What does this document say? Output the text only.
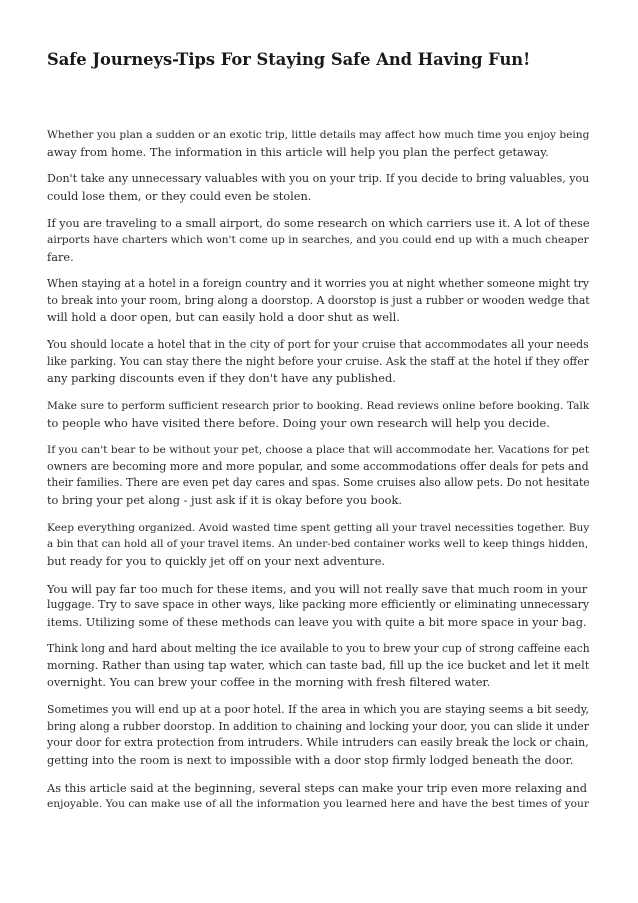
Safe Journeys-Tips For Staying Safe And Having Fun!

Whether you plan a sudden or an exotic trip, little details may affect how much time you enjoy being
away from home. The information in this article will help you plan the perfect getaway.

Don't take any unnecessary valuables with you on your trip. If you decide to bring valuables, you
could lose them, or they could even be stolen.

If you are traveling to a small airport, do some research on which carriers use it. A lot of these
airports have charters which won't come up in searches, and you could end up with a much cheaper
fare.

When staying at a hotel in a foreign country and it worries you at night whether someone might try
to break into your room, bring along a doorstop. A doorstop is just a rubber or wooden wedge that
will hold a door open, but can easily hold a door shut as well.

You should locate a hotel that in the city of port for your cruise that accommodates all your needs
like parking. You can stay there the night before your cruise. Ask the staff at the hotel if they offer
any parking discounts even if they don't have any published.

Make sure to perform sufficient research prior to booking. Read reviews online before booking. Talk
to people who have visited there before. Doing your own research will help you decide.

If you can't bear to be without your pet, choose a place that will accommodate her. Vacations for pet
owners are becoming more and more popular, and some accommodations offer deals for pets and
their families. There are even pet day cares and spas. Some cruises also allow pets. Do not hesitate
to bring your pet along - just ask if it is okay before you book.

Keep everything organized. Avoid wasted time spent getting all your travel necessities together. Buy
a bin that can hold all of your travel items. An under-bed container works well to keep things hidden,
but ready for you to quickly jet off on your next adventure.

You will pay far too much for these items, and you will not really save that much room in your
luggage. Try to save space in other ways, like packing more efficiently or eliminating unnecessary
items. Utilizing some of these methods can leave you with quite a bit more space in your bag.

Think long and hard about melting the ice available to you to brew your cup of strong caffeine each
morning. Rather than using tap water, which can taste bad, fill up the ice bucket and let it melt
overnight. You can brew your coffee in the morning with fresh filtered water.

Sometimes you will end up at a poor hotel. If the area in which you are staying seems a bit seedy,
bring along a rubber doorstop. In addition to chaining and locking your door, you can slide it under
your door for extra protection from intruders. While intruders can easily break the lock or chain,
getting into the room is next to impossible with a door stop firmly lodged beneath the door.

As this article said at the beginning, several steps can make your trip even more relaxing and
enjoyable. You can make use of all the information you learned here and have the best times of your
